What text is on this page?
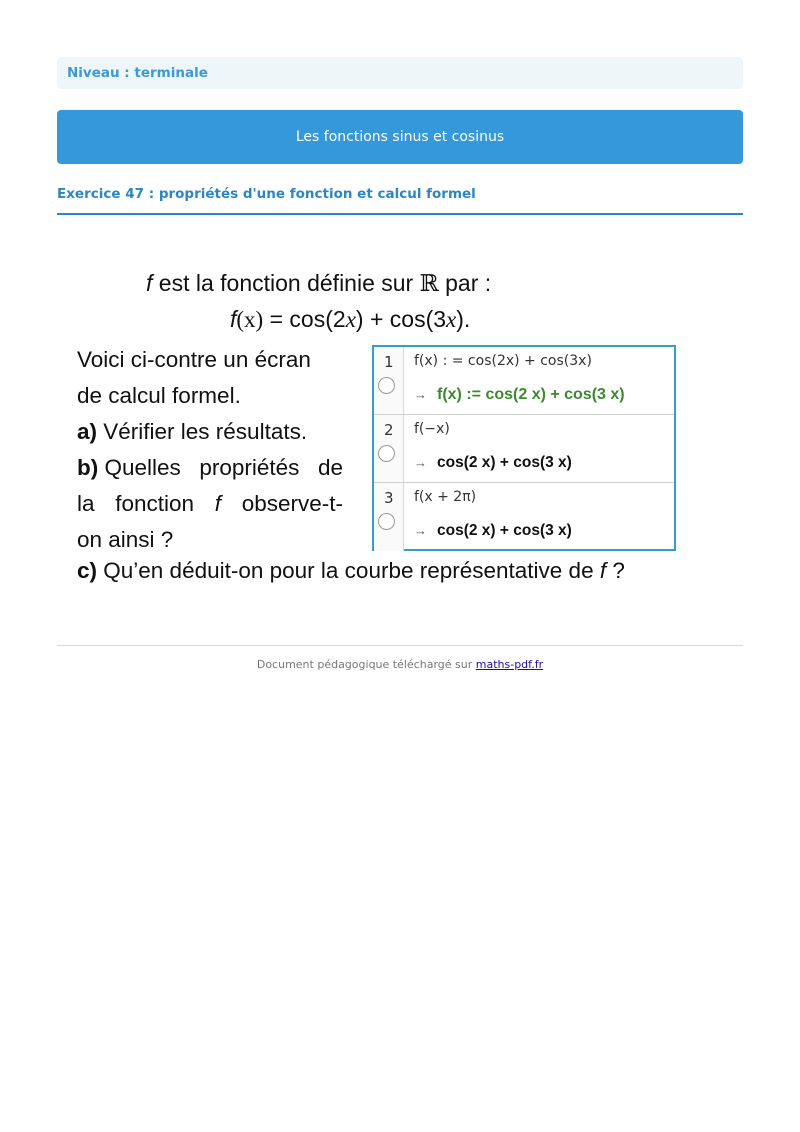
Niveau : terminale
Les fonctions sinus et cosinus
Exercice 47 : propriétés d'une fonction et calcul formel
f est la fonction définie sur ℝ par :
f(x) = cos(2x) + cos(3x).

Voici ci-contre un écran

de calcul formel.

a) Vérifier les résultats.

b) Quelles propriétés de

la fonction f observe-t-

on ainsi ?

c) Qu’en déduit-on pour la courbe représentative de f ?
1 f(x) : = cos(2x) + cos(3x)
→ f(x) := cos(2 x) + cos(3 x)
2 f(−x)
→ cos(2 x) + cos(3 x)
3 f(x + 2π)
→ cos(2 x) + cos(3 x)
Document pédagogique téléchargé sur maths-pdf.fr
